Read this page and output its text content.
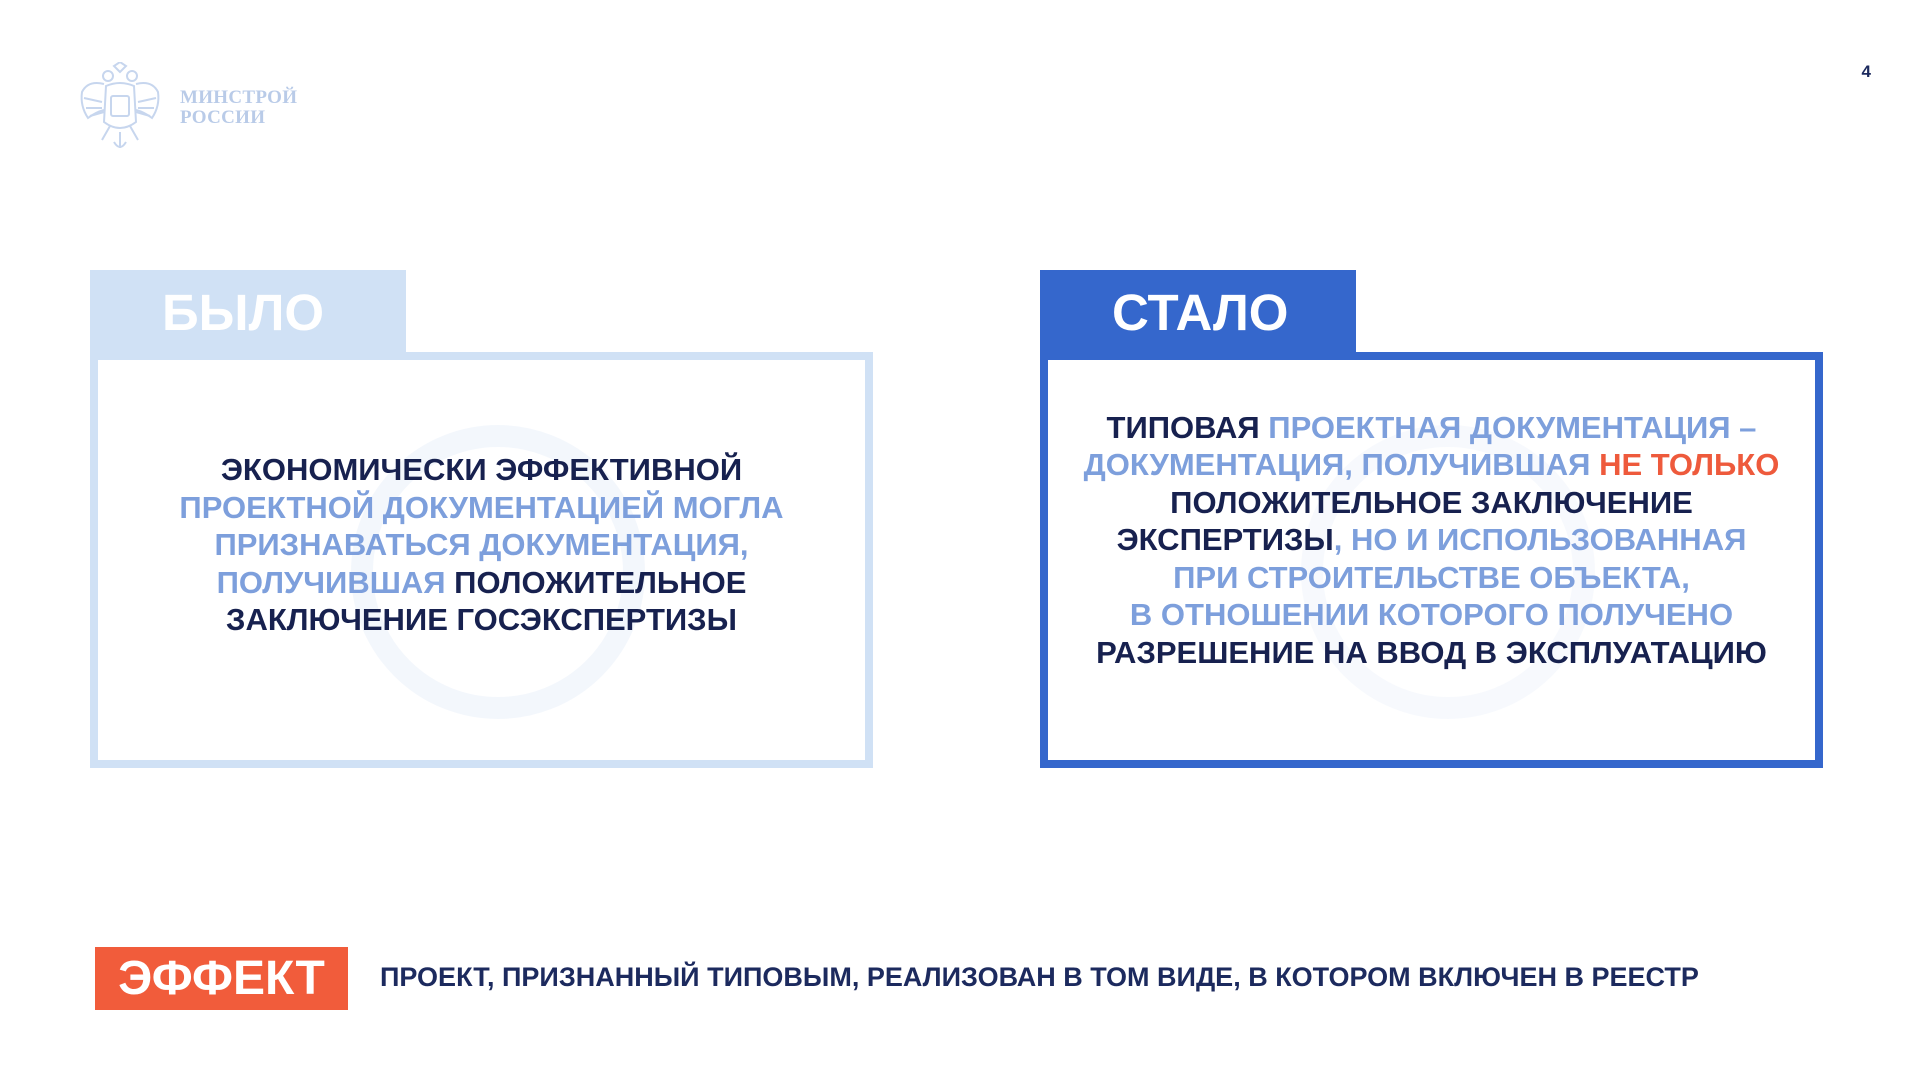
МИНСТРОЙ
РОССИИ
4
БЫЛО
ЭКОНОМИЧЕСКИ ЭФФЕКТИВНОЙ
ПРОЕКТНОЙ ДОКУМЕНТАЦИЕЙ МОГЛА
ПРИЗНАВАТЬСЯ ДОКУМЕНТАЦИЯ,
ПОЛУЧИВШАЯ ПОЛОЖИТЕЛЬНОЕ
ЗАКЛЮЧЕНИЕ ГОСЭКСПЕРТИЗЫ
СТАЛО
ТИПОВАЯ ПРОЕКТНАЯ ДОКУМЕНТАЦИЯ –
ДОКУМЕНТАЦИЯ, ПОЛУЧИВШАЯ НЕ ТОЛЬКО
ПОЛОЖИТЕЛЬНОЕ ЗАКЛЮЧЕНИЕ
ЭКСПЕРТИЗЫ, НО И ИСПОЛЬЗОВАННАЯ
ПРИ СТРОИТЕЛЬСТВЕ ОБЪЕКТА,
В ОТНОШЕНИИ КОТОРОГО ПОЛУЧЕНО
РАЗРЕШЕНИЕ НА ВВОД В ЭКСПЛУАТАЦИЮ
ЭФФЕКТ	ПРОЕКТ, ПРИЗНАННЫЙ ТИПОВЫМ, РЕАЛИЗОВАН В ТОМ ВИДЕ, В КОТОРОМ ВКЛЮЧЕН В РЕЕСТР
